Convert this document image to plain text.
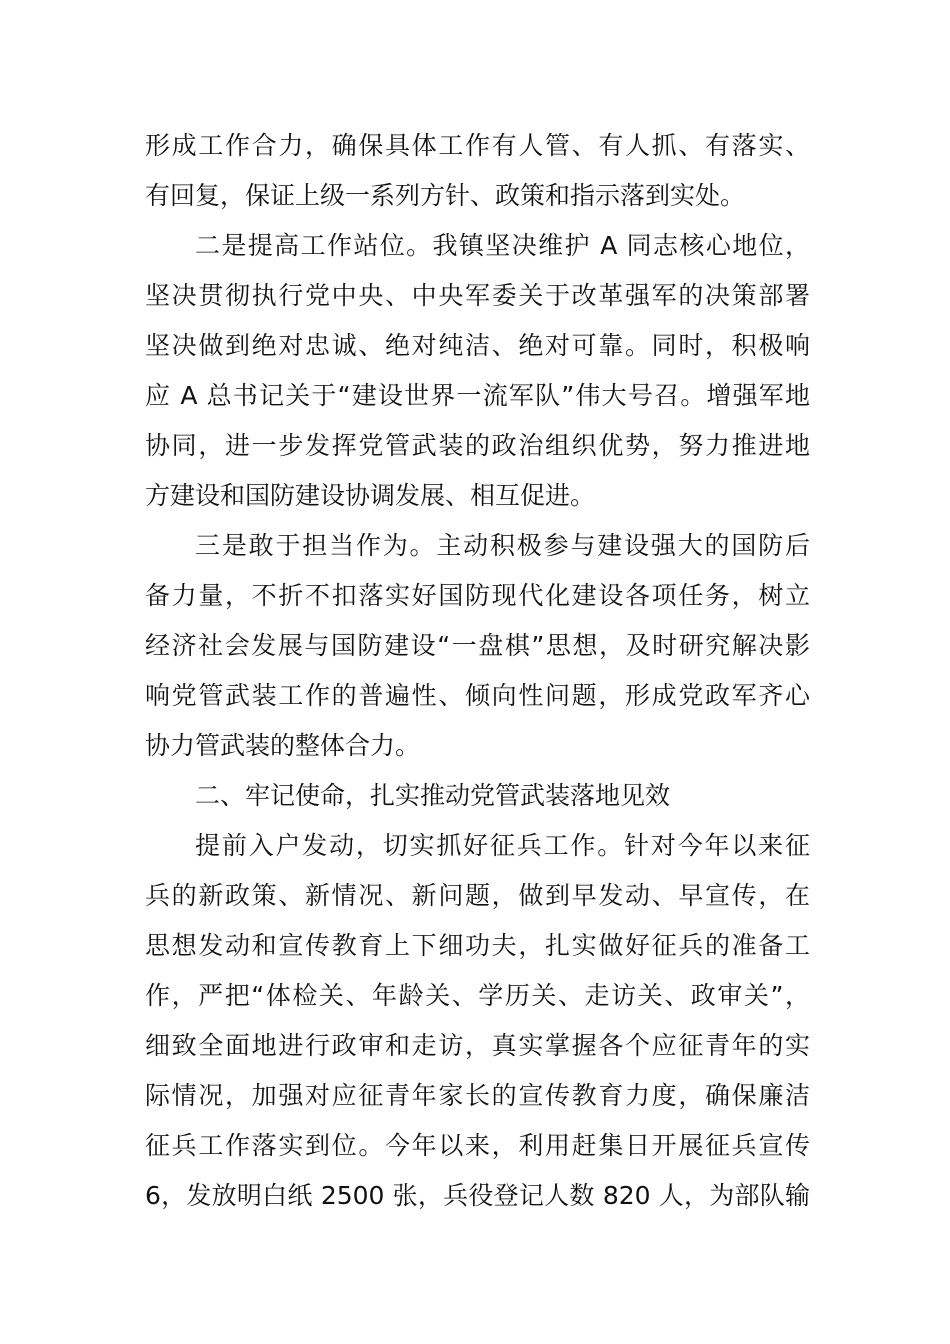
形成工作合力，确保具体工作有人管、有人抓、有落实、
有回复，保证上级一系列方针、政策和指示落到实处。
二是提高工作站位。我镇坚决维护 A 同志核心地位，
坚决贯彻执行党中央、中央军委关于改革强军的决策部署
坚决做到绝对忠诚、绝对纯洁、绝对可靠。同时，积极响
应 A 总书记关于“建设世界一流军队”伟大号召。增强军地
协同，进一步发挥党管武装的政治组织优势，努力推进地
方建设和国防建设协调发展、相互促进。
三是敢于担当作为。主动积极参与建设强大的国防后
备力量，不折不扣落实好国防现代化建设各项任务，树立
经济社会发展与国防建设“一盘棋”思想，及时研究解决影
响党管武装工作的普遍性、倾向性问题，形成党政军齐心
协力管武装的整体合力。
二、牢记使命，扎实推动党管武装落地见效
提前入户发动，切实抓好征兵工作。针对今年以来征
兵的新政策、新情况、新问题，做到早发动、早宣传，在
思想发动和宣传教育上下细功夫，扎实做好征兵的准备工
作，严把“体检关、年龄关、学历关、走访关、政审关”，
细致全面地进行政审和走访，真实掌握各个应征青年的实
际情况，加强对应征青年家长的宣传教育力度，确保廉洁
征兵工作落实到位。今年以来，利用赶集日开展征兵宣传
6，发放明白纸 2500 张，兵役登记人数 820 人，为部队输
